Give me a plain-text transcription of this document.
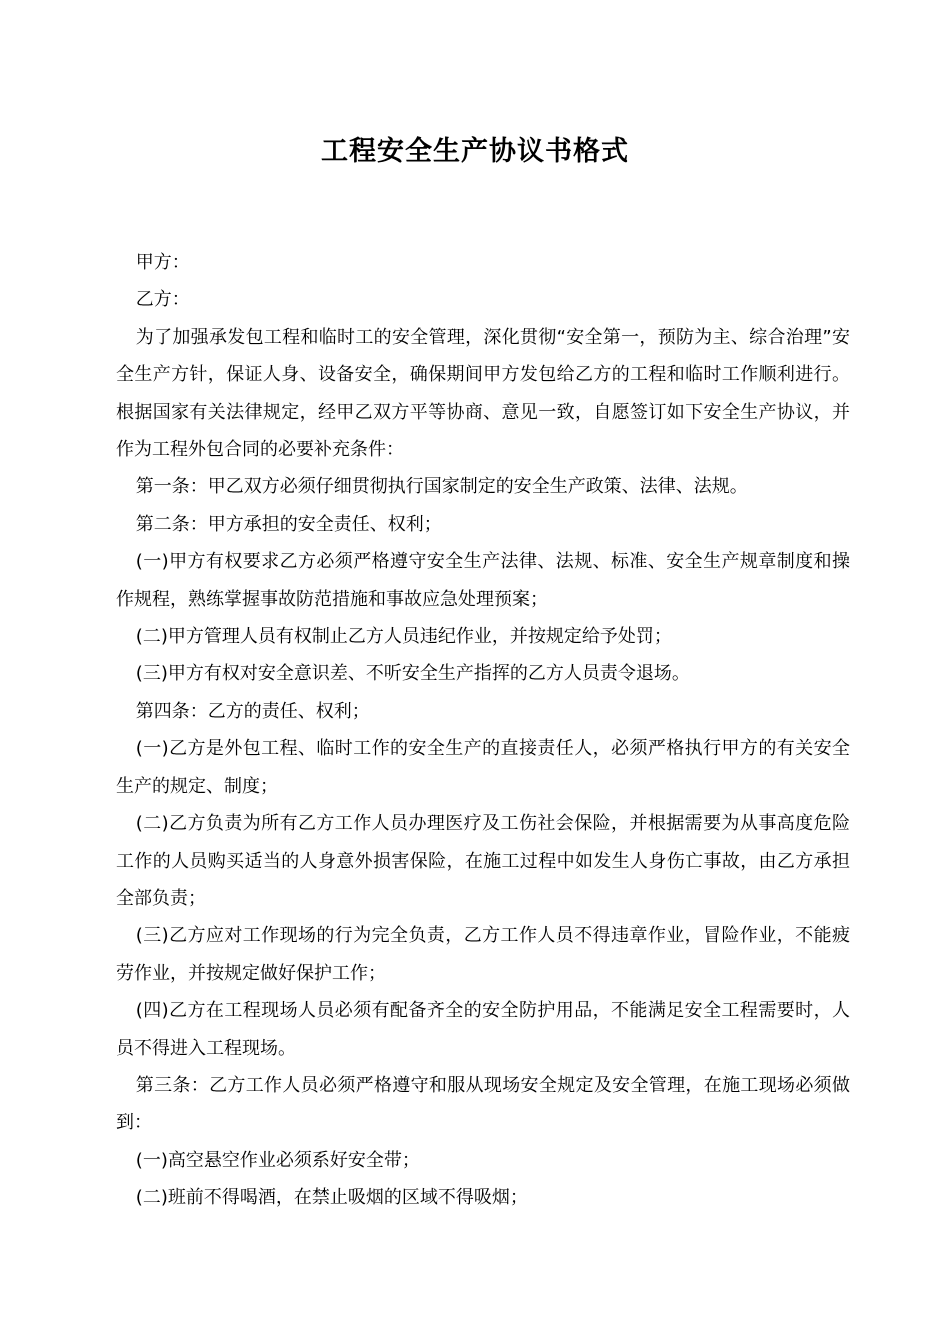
工程安全生产协议书格式

甲方：

乙方：

为了加强承发包工程和临时工的安全管理，深化贯彻“安全第一，预防为主、综合治理”安全生产方针，保证人身、设备安全，确保期间甲方发包给乙方的工程和临时工作顺利进行。根据国家有关法律规定，经甲乙双方平等协商、意见一致，自愿签订如下安全生产协议，并作为工程外包合同的必要补充条件：

第一条：甲乙双方必须仔细贯彻执行国家制定的安全生产政策、法律、法规。

第二条：甲方承担的安全责任、权利；

(一)甲方有权要求乙方必须严格遵守安全生产法律、法规、标准、安全生产规章制度和操作规程，熟练掌握事故防范措施和事故应急处理预案；

(二)甲方管理人员有权制止乙方人员违纪作业，并按规定给予处罚；

(三)甲方有权对安全意识差、不听安全生产指挥的乙方人员责令退场。

第四条：乙方的责任、权利；

(一)乙方是外包工程、临时工作的安全生产的直接责任人，必须严格执行甲方的有关安全生产的规定、制度；

(二)乙方负责为所有乙方工作人员办理医疗及工伤社会保险，并根据需要为从事高度危险工作的人员购买适当的人身意外损害保险，在施工过程中如发生人身伤亡事故，由乙方承担全部负责；

(三)乙方应对工作现场的行为完全负责，乙方工作人员不得违章作业，冒险作业，不能疲劳作业，并按规定做好保护工作；

(四)乙方在工程现场人员必须有配备齐全的安全防护用品，不能满足安全工程需要时，人员不得进入工程现场。

第三条：乙方工作人员必须严格遵守和服从现场安全规定及安全管理，在施工现场必须做到：

(一)高空悬空作业必须系好安全带；

(二)班前不得喝酒，在禁止吸烟的区域不得吸烟；
